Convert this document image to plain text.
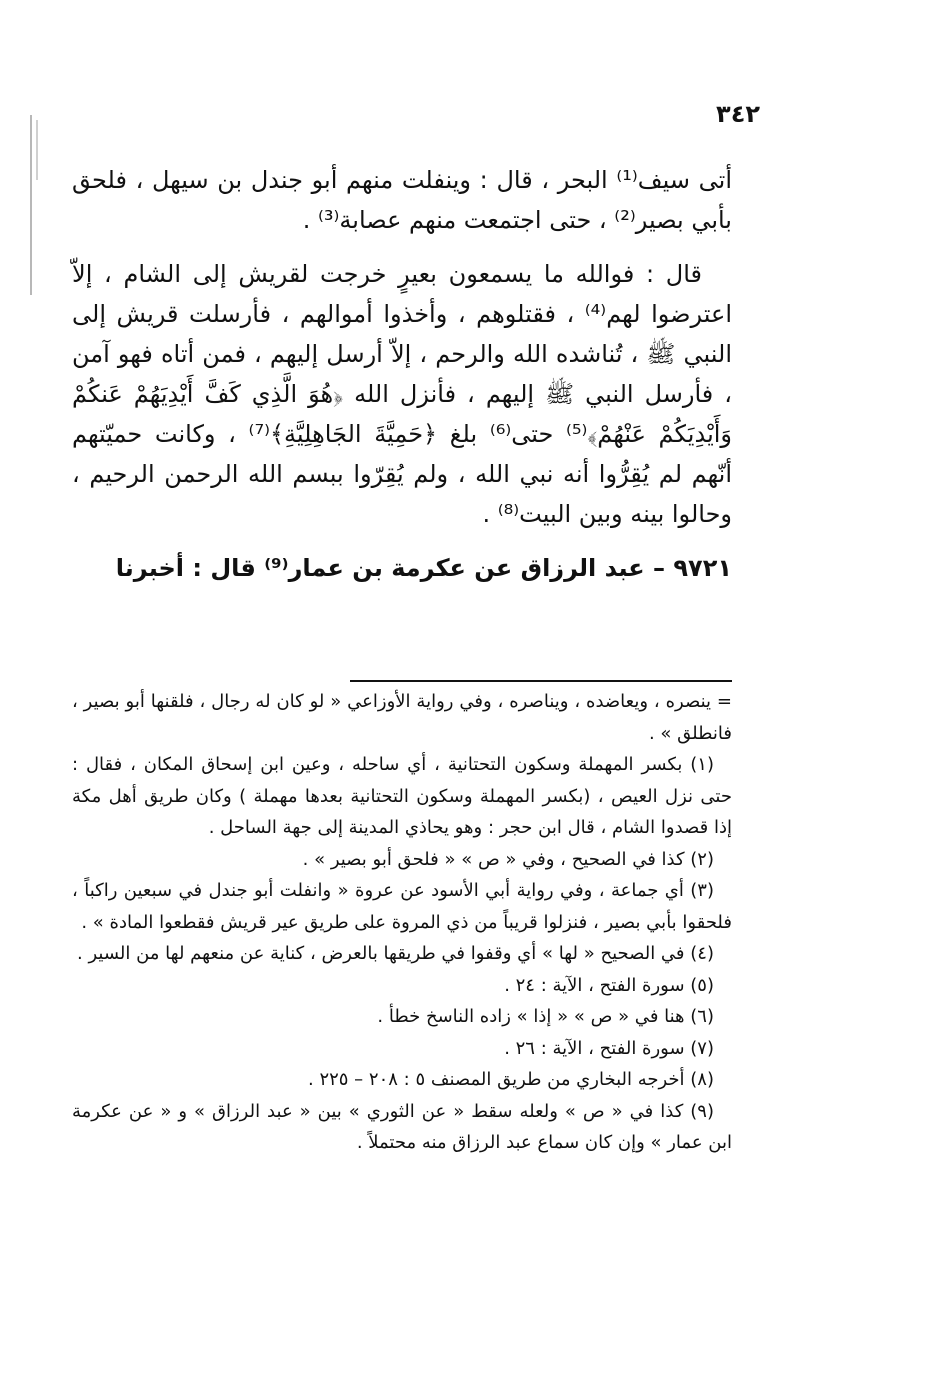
٣٤٢

أتى سيف⁽¹⁾ البحر ، قال : وينفلت منهم أبو جندل بن سيهل ، فلحق بأبي بصير⁽²⁾ ، حتى اجتمعت منهم عصابة⁽³⁾ .

قال : فوالله ما يسمعون بعيرٍ خرجت لقريش إلى الشام ، إلاّ اعترضوا لهم⁽⁴⁾ ، فقتلوهم ، وأخذوا أموالهم ، فأرسلت قريش إلى النبي ﷺ ، تُناشده الله والرحم ، إلاّ أرسل إليهم ، فمن أتاه فهو آمن ، فأرسل النبي ﷺ إليهم ، فأنزل الله ﴿هُوَ الَّذِي كَفَّ أَيْدِيَهُمْ عَنكُمْ وَأَيْدِيَكُمْ عَنْهُمْ﴾⁽⁵⁾ حتى⁽⁶⁾ بلغ ﴿حَمِيَّةَ الجَاهِلِيَّةِ﴾⁽⁷⁾ ، وكانت حميّتهم أنّهم لم يُقِرُّوا أنه نبي الله ، ولم يُقِرّوا ببسم الله الرحمن الرحيم ، وحالوا بينه وبين البيت⁽⁸⁾ .

٩٧٢١ – عبد الرزاق عن عكرمة بن عمار⁽⁹⁾ قال : أخبرنا

= ينصره ، ويعاضده ، ويناصره ، وفي رواية الأوزاعي « لو كان له رجال ، فلقنها أبو بصير ، فانطلق » .

(١) بكسر المهملة وسكون التحتانية ، أي ساحله ، وعين ابن إسحاق المكان ، فقال : حتى نزل العيص ، (بكسر المهملة وسكون التحتانية بعدها مهملة ) وكان طريق أهل مكة إذا قصدوا الشام ، قال ابن حجر : وهو يحاذي المدينة إلى جهة الساحل .

(٢) كذا في الصحيح ، وفي « ص » « فلحق أبو بصير » .

(٣) أي جماعة ، وفي رواية أبي الأسود عن عروة « وانفلت أبو جندل في سبعين راكباً ، فلحقوا بأبي بصير ، فنزلوا قريباً من ذي المروة على طريق عير قريش فقطعوا المادة » .

(٤) في الصحيح « لها » أي وقفوا في طريقها بالعرض ، كناية عن منعهم لها من السير .

(٥) سورة الفتح ، الآية : ٢٤ .

(٦) هنا في « ص » « إذا » زاده الناسخ خطأ .

(٧) سورة الفتح ، الآية : ٢٦ .

(٨) أخرجه البخاري من طريق المصنف ٥ : ٢٠٨ – ٢٢٥ .

(٩) كذا في « ص » ولعله سقط « عن الثوري » بين « عبد الرزاق » و « عن عكرمة ابن عمار » وإن كان سماع عبد الرزاق منه محتملاً .
